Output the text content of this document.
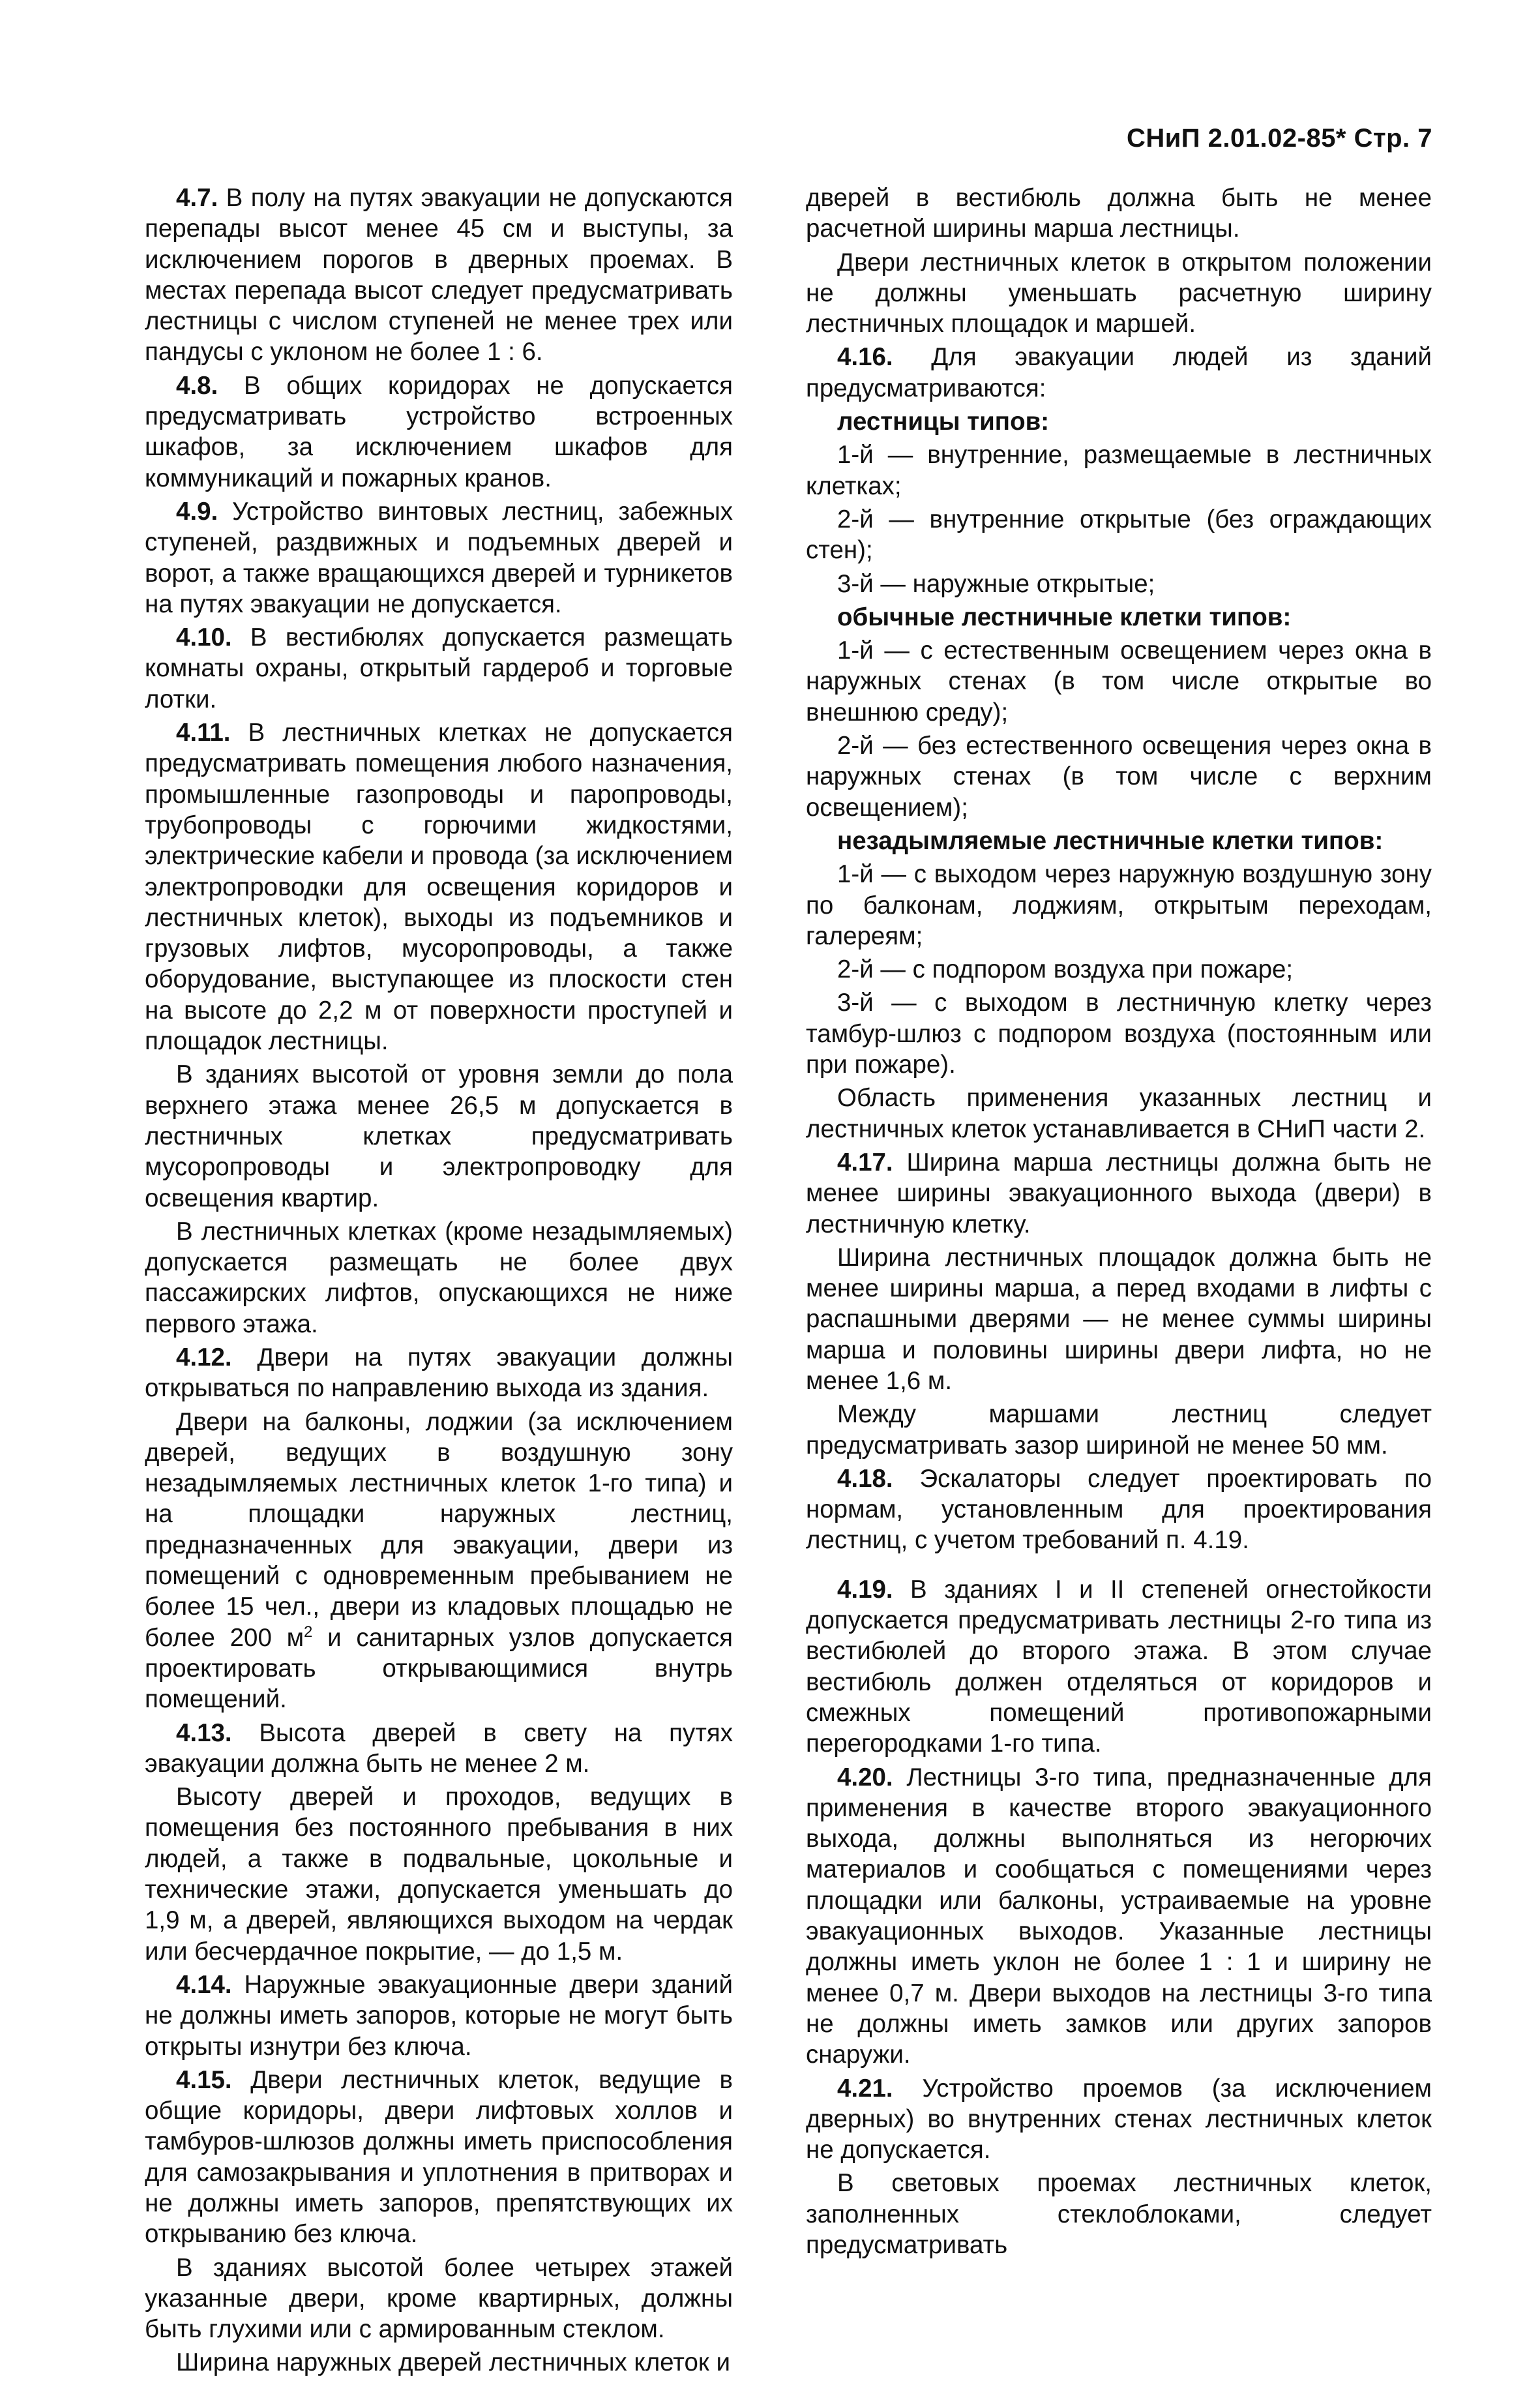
СНиП 2.01.02-85* Стр. 7

4.7. В полу на путях эвакуации не допускаются перепады высот менее 45 см и выступы, за исключением порогов в дверных проемах. В местах перепада высот следует предусматривать лестницы с числом ступеней не менее трех или пандусы с уклоном не более 1 : 6.

4.8. В общих коридорах не допускается предусматривать устройство встроенных шкафов, за исключением шкафов для коммуникаций и пожарных кранов.

4.9. Устройство винтовых лестниц, забежных ступеней, раздвижных и подъемных дверей и ворот, а также вращающихся дверей и турникетов на путях эвакуации не допускается.

4.10. В вестибюлях допускается размещать комнаты охраны, открытый гардероб и торговые лотки.

4.11. В лестничных клетках не допускается предусматривать помещения любого назначения, промышленные газопроводы и паропроводы, трубопроводы с горючими жидкостями, электрические кабели и провода (за исключением электропроводки для освещения коридоров и лестничных клеток), выходы из подъемников и грузовых лифтов, мусоропроводы, а также оборудование, выступающее из плоскости стен на высоте до 2,2 м от поверхности проступей и площадок лестницы.

В зданиях высотой от уровня земли до пола верхнего этажа менее 26,5 м допускается в лестничных клетках предусматривать мусоропроводы и электропроводку для освещения квартир.

В лестничных клетках (кроме незадымляемых) допускается размещать не более двух пассажирских лифтов, опускающихся не ниже первого этажа.

4.12. Двери на путях эвакуации должны открываться по направлению выхода из здания.

Двери на балконы, лоджии (за исключением дверей, ведущих в воздушную зону незадымляемых лестничных клеток 1-го типа) и на площадки наружных лестниц, предназначенных для эвакуации, двери из помещений с одновременным пребыванием не более 15 чел., двери из кладовых площадью не более 200 $м^2$ и санитарных узлов допускается проектировать открывающимися внутрь помещений.

4.13. Высота дверей в свету на путях эвакуации должна быть не менее 2 м.

Высоту дверей и проходов, ведущих в помещения без постоянного пребывания в них людей, а также в подвальные, цокольные и технические этажи, допускается уменьшать до 1,9 м, а дверей, являющихся выходом на чердак или бесчердачное покрытие, — до 1,5 м.

4.14. Наружные эвакуационные двери зданий не должны иметь запоров, которые не могут быть открыты изнутри без ключа.

4.15. Двери лестничных клеток, ведущие в общие коридоры, двери лифтовых холлов и тамбуров-шлюзов должны иметь приспособления для самозакрывания и уплотнения в притворах и не должны иметь запоров, препятствующих их открыванию без ключа.

В зданиях высотой более четырех этажей указанные двери, кроме квартирных, должны быть глухими или с армированным стеклом.

Ширина наружных дверей лестничных клеток и

дверей в вестибюль должна быть не менее расчетной ширины марша лестницы.

Двери лестничных клеток в открытом положении не должны уменьшать расчетную ширину лестничных площадок и маршей.

4.16. Для эвакуации людей из зданий предусматриваются:

лестницы типов:

1-й — внутренние, размещаемые в лестничных клетках;

2-й — внутренние открытые (без ограждающих стен);

3-й — наружные открытые;

обычные лестничные клетки типов:

1-й — с естественным освещением через окна в наружных стенах (в том числе открытые во внешнюю среду);

2-й — без естественного освещения через окна в наружных стенах (в том числе с верхним освещением);

незадымляемые лестничные клетки типов:

1-й — с выходом через наружную воздушную зону по балконам, лоджиям, открытым переходам, галереям;

2-й — с подпором воздуха при пожаре;

3-й — с выходом в лестничную клетку через тамбур-шлюз с подпором воздуха (постоянным или при пожаре).

Область применения указанных лестниц и лестничных клеток устанавливается в СНиП части 2.

4.17. Ширина марша лестницы должна быть не менее ширины эвакуационного выхода (двери) в лестничную клетку.

Ширина лестничных площадок должна быть не менее ширины марша, а перед входами в лифты с распашными дверями — не менее суммы ширины марша и половины ширины двери лифта, но не менее 1,6 м.

Между маршами лестниц следует предусматривать зазор шириной не менее 50 мм.

4.18. Эскалаторы следует проектировать по нормам, установленным для проектирования лестниц, с учетом требований п. 4.19.

4.19. В зданиях I и II степеней огнестойкости допускается предусматривать лестницы 2-го типа из вестибюлей до второго этажа. В этом случае вестибюль должен отделяться от коридоров и смежных помещений противопожарными перегородками 1-го типа.

4.20. Лестницы 3-го типа, предназначенные для применения в качестве второго эвакуационного выхода, должны выполняться из негорючих материалов и сообщаться с помещениями через площадки или балконы, устраиваемые на уровне эвакуационных выходов. Указанные лестницы должны иметь уклон не более 1 : 1 и ширину не менее 0,7 м. Двери выходов на лестницы 3-го типа не должны иметь замков или других запоров снаружи.

4.21. Устройство проемов (за исключением дверных) во внутренних стенах лестничных клеток не допускается.

В световых проемах лестничных клеток, заполненных стеклоблоками, следует предусматривать
